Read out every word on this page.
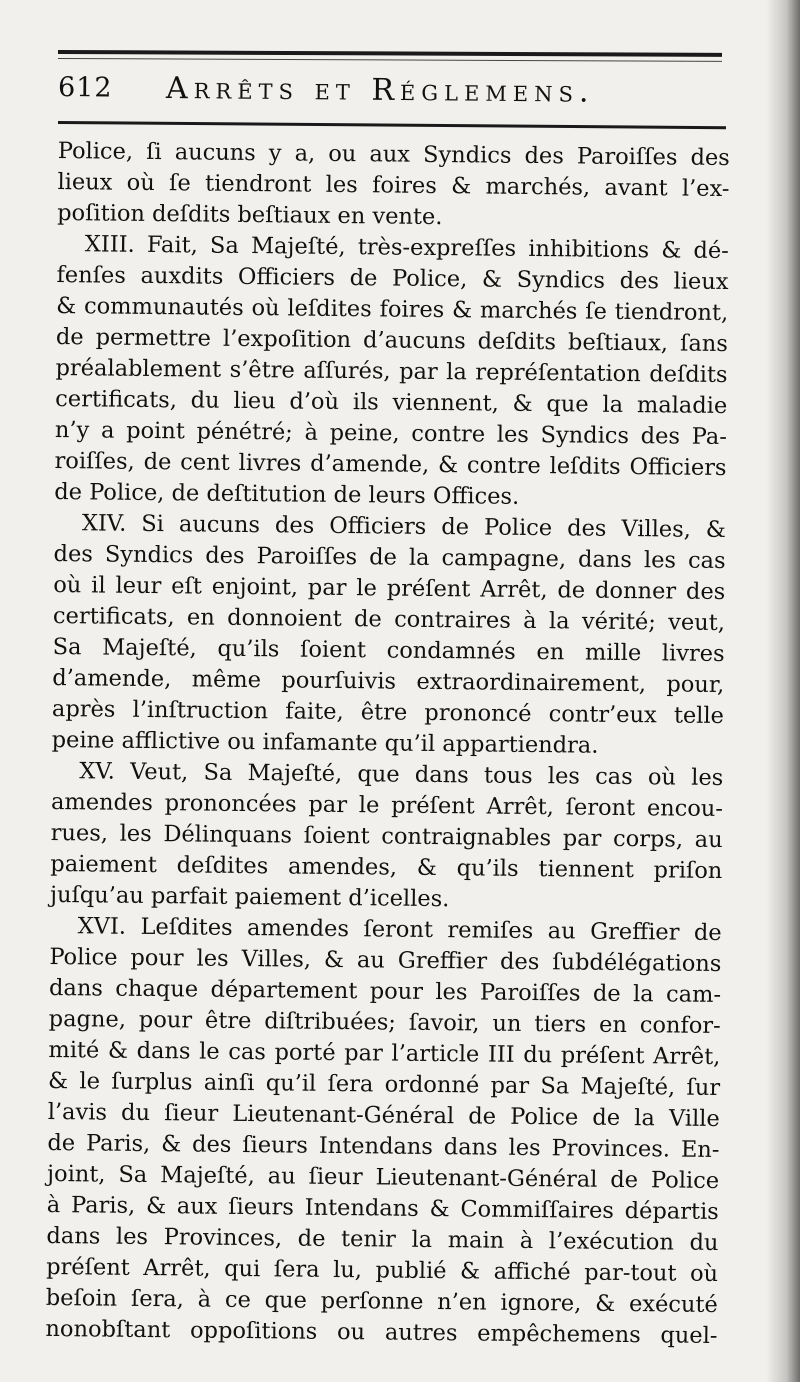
612 Arrêts et Réglemens.
Police, ſi aucuns y a, ou aux Syndics des Paroiſſes des
lieux où ſe tiendront les foires & marchés, avant l’ex-
poſition deſdits beſtiaux en vente.
XIII. Fait, Sa Majeſté, très-expreſſes inhibitions & dé-
fenſes auxdits Officiers de Police, & Syndics des lieux
& communautés où leſdites foires & marchés ſe tiendront,
de permettre l’expoſition d’aucuns deſdits beſtiaux, ſans
préalablement s’être aſſurés, par la repréſentation deſdits
certificats, du lieu d’où ils viennent, & que la maladie
n’y a point pénétré; à peine, contre les Syndics des Pa-
roiſſes, de cent livres d’amende, & contre leſdits Officiers
de Police, de deſtitution de leurs Offices.
XIV. Si aucuns des Officiers de Police des Villes, &
des Syndics des Paroiſſes de la campagne, dans les cas
où il leur eſt enjoint, par le préſent Arrêt, de donner des
certificats, en donnoient de contraires à la vérité; veut,
Sa Majeſté, qu’ils ſoient condamnés en mille livres
d’amende, même pourſuivis extraordinairement, pour,
après l’inſtruction faite, être prononcé contr’eux telle
peine afflictive ou infamante qu’il appartiendra.
XV. Veut, Sa Majeſté, que dans tous les cas où les
amendes prononcées par le préſent Arrêt, ſeront encou-
rues, les Délinquans ſoient contraignables par corps, au
paiement deſdites amendes, & qu’ils tiennent priſon
juſqu’au parfait paiement d’icelles.
XVI. Leſdites amendes ſeront remiſes au Greffier de
Police pour les Villes, & au Greffier des ſubdélégations
dans chaque département pour les Paroiſſes de la cam-
pagne, pour être diſtribuées; ſavoir, un tiers en confor-
mité & dans le cas porté par l’article III du préſent Arrêt,
& le ſurplus ainſi qu’il ſera ordonné par Sa Majeſté, ſur
l’avis du ſieur Lieutenant-Général de Police de la Ville
de Paris, & des ſieurs Intendans dans les Provinces. En-
joint, Sa Majeſté, au ſieur Lieutenant-Général de Police
à Paris, & aux ſieurs Intendans & Commiſſaires départis
dans les Provinces, de tenir la main à l’exécution du
préſent Arrêt, qui ſera lu, publié & affiché par-tout où
beſoin ſera, à ce que perſonne n’en ignore, & exécuté
nonobſtant oppoſitions ou autres empêchemens quel-
